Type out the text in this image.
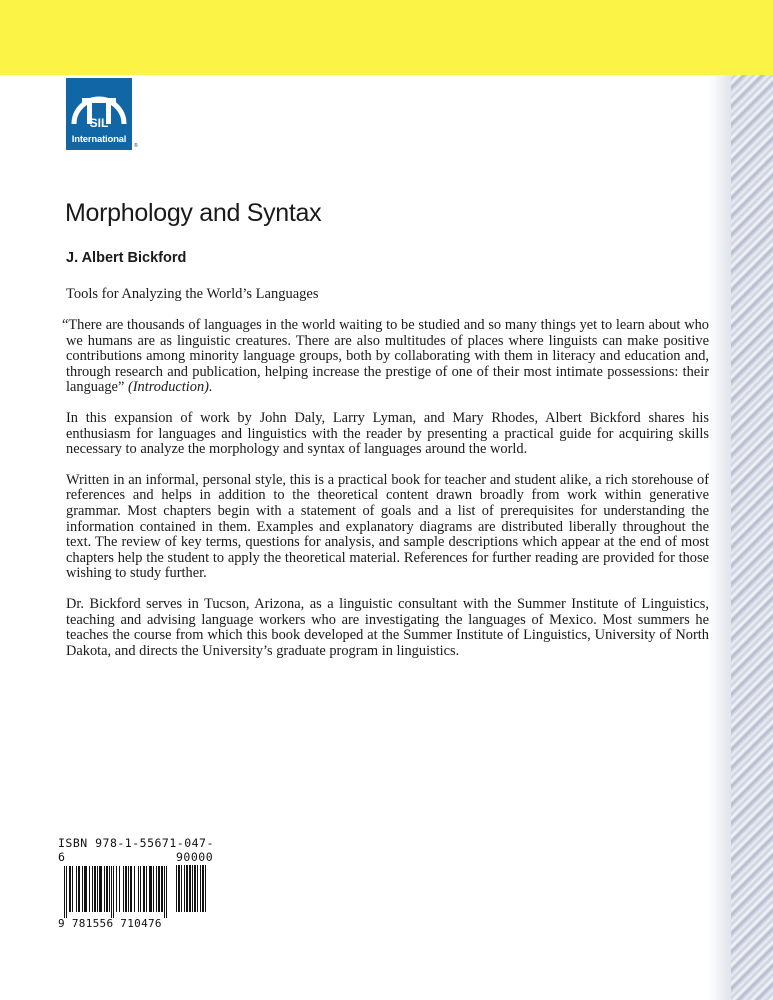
SIL
International
®
Morphology and Syntax
J. Albert Bickford
Tools for Analyzing the World’s Languages

“There are thousands of languages in the world waiting to be studied and so many things yet to learn about who we humans are as linguistic creatures. There are also multitudes of places where linguists can make positive contributions among minority language groups, both by collaborating with them in literacy and education and, through research and publication, helping increase the prestige of one of their most intimate possessions: their language” (Introduction).

In this expansion of work by John Daly, Larry Lyman, and Mary Rhodes, Albert Bickford shares his enthusiasm for languages and linguistics with the reader by presenting a practical guide for acquiring skills necessary to analyze the morphology and syntax of languages around the world.

Written in an informal, personal style, this is a practical book for teacher and student alike, a rich storehouse of references and helps in addition to the theoretical content drawn broadly from work within generative grammar. Most chapters begin with a statement of goals and a list of prerequisites for understanding the information contained in them. Examples and explanatory diagrams are distributed liberally throughout the text. The review of key terms, questions for analysis, and sample descriptions which appear at the end of most chapters help the student to apply the theoretical material. References for further reading are provided for those wishing to study further.

Dr. Bickford serves in Tucson, Arizona, as a linguistic consultant with the Summer Institute of Linguistics, teaching and advising language workers who are investigating the languages of Mexico. Most summers he teaches the course from which this book developed at the Summer Institute of Linguistics, University of North Dakota, and directs the University’s graduate program in linguistics.

ISBN 978-1-55671-047-6	90000
9 781556 710476
